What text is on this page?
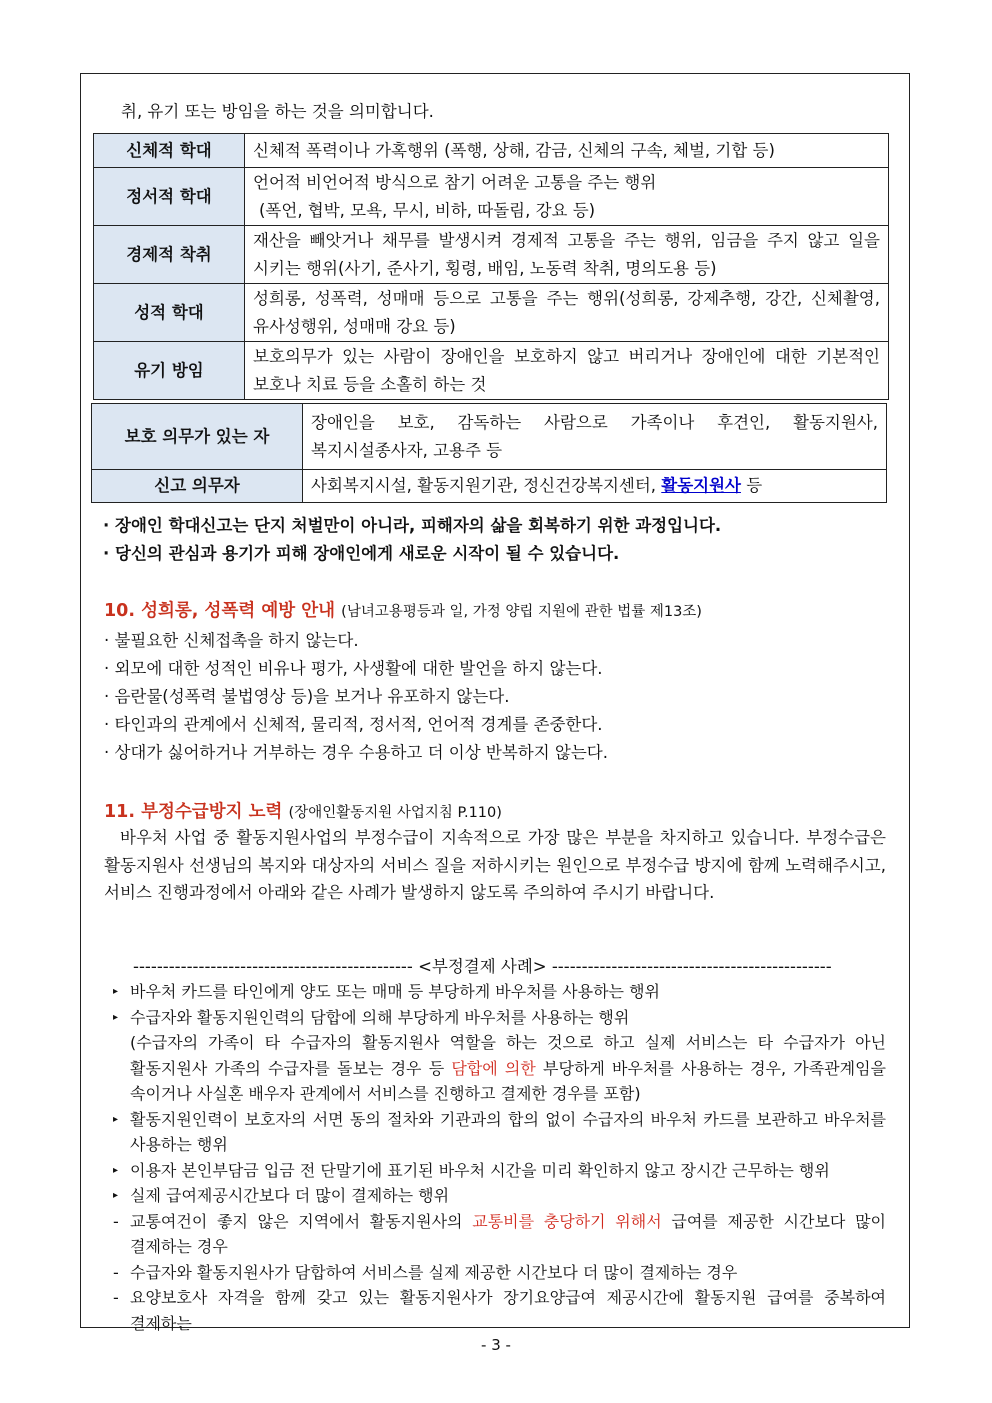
취, 유기 또는 방임을 하는 것을 의미합니다.
신체적 학대	신체적 폭력이나 가혹행위 (폭행, 상해, 감금, 신체의 구속, 체벌, 기합 등)
정서적 학대	언어적 비언어적 방식으로 참기 어려운 고통을 주는 행위
(폭언, 협박, 모욕, 무시, 비하, 따돌림, 강요 등)

경제적 착취	재산을 빼앗거나 채무를 발생시켜 경제적 고통을 주는 행위, 임금을 주지 않고 일을 시키는 행위(사기, 준사기, 횡령, 배임, 노동력 착취, 명의도용 등)
성적 학대	성희롱, 성폭력, 성매매 등으로 고통을 주는 행위(성희롱, 강제추행, 강간, 신체촬영, 유사성행위, 성매매 강요 등)
유기 방임	보호의무가 있는 사람이 장애인을 보호하지 않고 버리거나 장애인에 대한 기본적인 보호나 치료 등을 소홀히 하는 것
보호 의무가 있는 자	장애인을 보호, 감독하는 사람으로 가족이나 후견인, 활동지원사, 복지시설종사자, 고용주 등
신고 의무자	사회복지시설, 활동지원기관, 정신건강복지센터, 활동지원사 등
· 장애인 학대신고는 단지 처벌만이 아니라, 피해자의 삶을 회복하기 위한 과정입니다.
· 당신의 관심과 용기가 피해 장애인에게 새로운 시작이 될 수 있습니다.
10. 성희롱, 성폭력 예방 안내 (남녀고용평등과 일, 가정 양립 지원에 관한 법률 제13조)
· 불필요한 신체접촉을 하지 않는다.
· 외모에 대한 성적인 비유나 평가, 사생활에 대한 발언을 하지 않는다.
· 음란물(성폭력 불법영상 등)을 보거나 유포하지 않는다.
· 타인과의 관계에서 신체적, 물리적, 정서적, 언어적 경계를 존중한다.
· 상대가 싫어하거나 거부하는 경우 수용하고 더 이상 반복하지 않는다.
11. 부정수급방지 노력 (장애인활동지원 사업지침 P.110)
바우처 사업 중 활동지원사업의 부정수급이 지속적으로 가장 많은 부분을 차지하고 있습니다. 부정수급은 활동지원사 선생님의 복지와 대상자의 서비스 질을 저하시키는 원인으로 부정수급 방지에 함께 노력해주시고, 서비스 진행과정에서 아래와 같은 사례가 발생하지 않도록 주의하여 주시기 바랍니다.
----------------------------------------------- <부정결제 사례> -----------------------------------------------
▸ 바우처 카드를 타인에게 양도 또는 매매 등 부당하게 바우처를 사용하는 행위
▸ 수급자와 활동지원인력의 담합에 의해 부당하게 바우처를 사용하는 행위
(수급자의 가족이 타 수급자의 활동지원사 역할을 하는 것으로 하고 실제 서비스는 타 수급자가 아닌 활동지원사 가족의 수급자를 돌보는 경우 등 담합에 의한 부당하게 바우처를 사용하는 경우, 가족관계임을 속이거나 사실혼 배우자 관계에서 서비스를 진행하고 결제한 경우를 포함)
▸ 활동지원인력이 보호자의 서면 동의 절차와 기관과의 합의 없이 수급자의 바우처 카드를 보관하고 바우처를 사용하는 행위
▸ 이용자 본인부담금 입금 전 단말기에 표기된 바우처 시간을 미리 확인하지 않고 장시간 근무하는 행위
▸ 실제 급여제공시간보다 더 많이 결제하는 행위
- 교통여건이 좋지 않은 지역에서 활동지원사의 교통비를 충당하기 위해서 급여를 제공한 시간보다 많이 결제하는 경우
- 수급자와 활동지원사가 담합하여 서비스를 실제 제공한 시간보다 더 많이 결제하는 경우
- 요양보호사 자격을 함께 갖고 있는 활동지원사가 장기요양급여 제공시간에 활동지원 급여를 중복하여 결제하는
- 3 -
